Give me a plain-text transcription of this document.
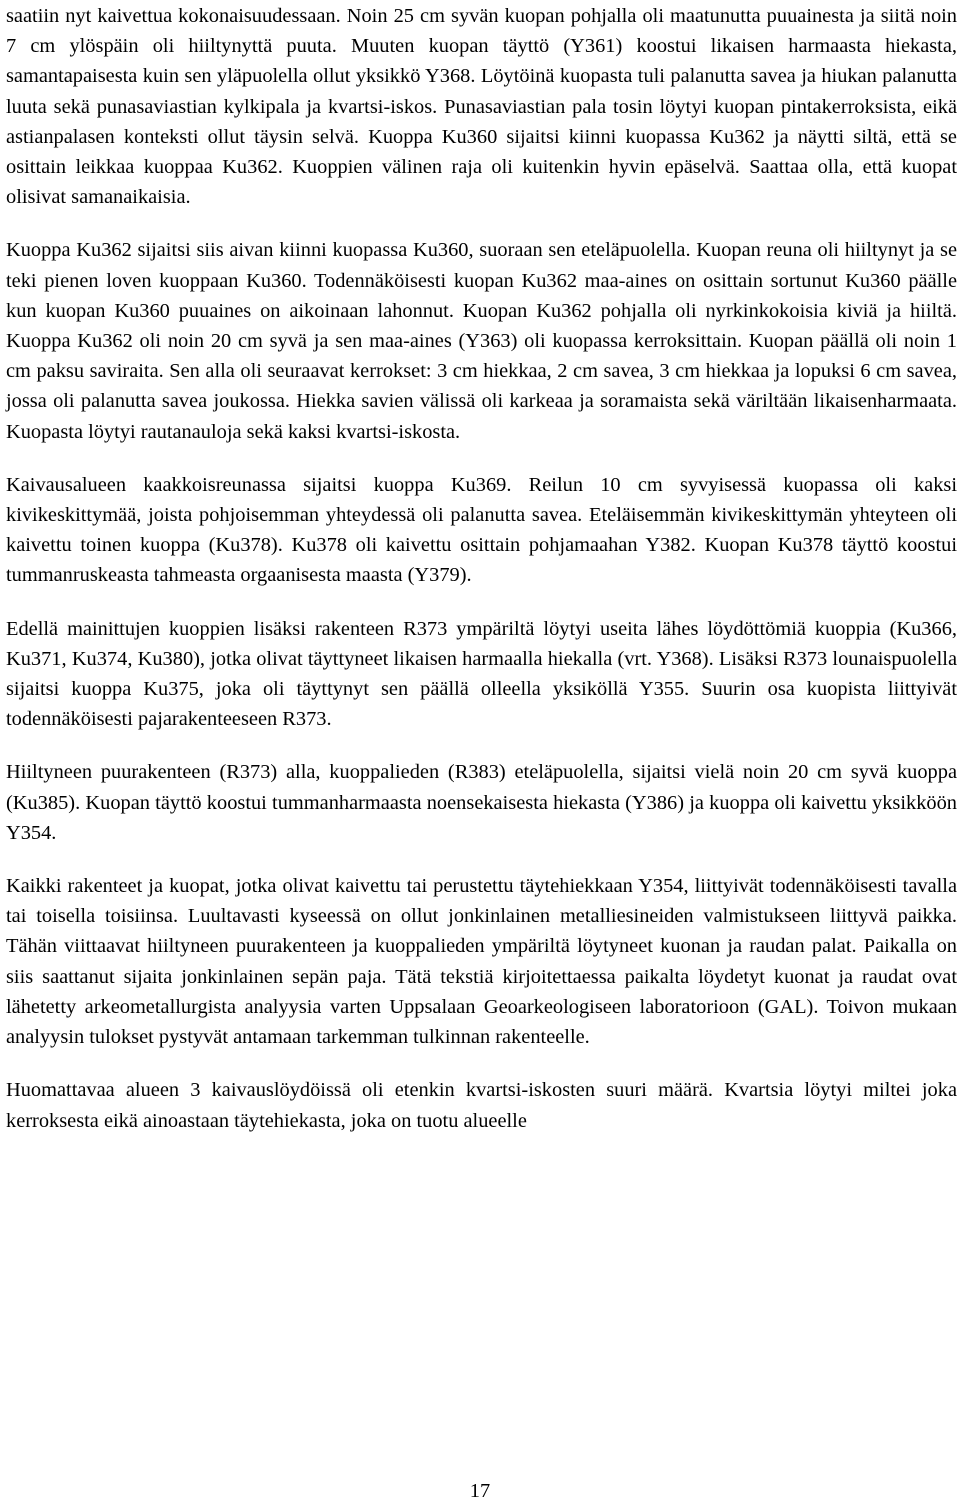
saatiin nyt kaivettua kokonaisuudessaan. Noin 25 cm syvän kuopan pohjalla oli maatunutta puuainesta ja siitä noin 7 cm ylöspäin oli hiiltynyttä puuta. Muuten kuopan täyttö (Y361) koostui likaisen harmaasta hiekasta, samantapaisesta kuin sen yläpuolella ollut yksikkö Y368. Löytöinä kuopasta tuli palanutta savea ja hiukan palanutta luuta sekä punasaviastian kylkipala ja kvartsi-iskos. Punasaviastian pala tosin löytyi kuopan pintakerroksista, eikä astianpalasen konteksti ollut täysin selvä. Kuoppa Ku360 sijaitsi kiinni kuopassa Ku362 ja näytti siltä, että se osittain leikkaa kuoppaa Ku362. Kuoppien välinen raja oli kuitenkin hyvin epäselvä. Saattaa olla, että kuopat olisivat samanaikaisia.

Kuoppa Ku362 sijaitsi siis aivan kiinni kuopassa Ku360, suoraan sen eteläpuolella. Kuopan reuna oli hiiltynyt ja se teki pienen loven kuoppaan Ku360. Todennäköisesti kuopan Ku362 maa-aines on osittain sortunut Ku360 päälle kun kuopan Ku360 puuaines on aikoinaan lahonnut. Kuopan Ku362 pohjalla oli nyrkinkokoisia kiviä ja hiiltä. Kuoppa Ku362 oli noin 20 cm syvä ja sen maa-aines (Y363) oli kuopassa kerroksittain. Kuopan päällä oli noin 1 cm paksu saviraita. Sen alla oli seuraavat kerrokset: 3 cm hiekkaa, 2 cm savea, 3 cm hiekkaa ja lopuksi 6 cm savea, jossa oli palanutta savea joukossa. Hiekka savien välissä oli karkeaa ja soramaista sekä väriltään likaisenharmaata. Kuopasta löytyi rautanauloja sekä kaksi kvartsi-iskosta.

Kaivausalueen kaakkoisreunassa sijaitsi kuoppa Ku369. Reilun 10 cm syvyisessä kuopassa oli kaksi kivikeskittymää, joista pohjoisemman yhteydessä oli palanutta savea. Eteläisemmän kivikeskittymän yhteyteen oli kaivettu toinen kuoppa (Ku378). Ku378 oli kaivettu osittain pohjamaahan Y382. Kuopan Ku378 täyttö koostui tummanruskeasta tahmeasta orgaanisesta maasta (Y379).

Edellä mainittujen kuoppien lisäksi rakenteen R373 ympäriltä löytyi useita lähes löydöttömiä kuoppia (Ku366, Ku371, Ku374, Ku380), jotka olivat täyttyneet likaisen harmaalla hiekalla (vrt. Y368). Lisäksi R373 lounaispuolella sijaitsi kuoppa Ku375, joka oli täyttynyt sen päällä olleella yksiköllä Y355. Suurin osa kuopista liittyivät todennäköisesti pajarakenteeseen R373.

Hiiltyneen puurakenteen (R373) alla, kuoppalieden (R383) eteläpuolella, sijaitsi vielä noin 20 cm syvä kuoppa (Ku385). Kuopan täyttö koostui tummanharmaasta noensekaisesta hiekasta (Y386) ja kuoppa oli kaivettu yksikköön Y354.

Kaikki rakenteet ja kuopat, jotka olivat kaivettu tai perustettu täytehiekkaan Y354, liittyivät todennäköisesti tavalla tai toisella toisiinsa. Luultavasti kyseessä on ollut jonkinlainen metalliesineiden valmistukseen liittyvä paikka. Tähän viittaavat hiiltyneen puurakenteen ja kuoppalieden ympäriltä löytyneet kuonan ja raudan palat. Paikalla on siis saattanut sijaita jonkinlainen sepän paja. Tätä tekstiä kirjoitettaessa paikalta löydetyt kuonat ja raudat ovat lähetetty arkeometallurgista analyysia varten Uppsalaan Geoarkeologiseen laboratorioon (GAL). Toivon mukaan analyysin tulokset pystyvät antamaan tarkemman tulkinnan rakenteelle.

Huomattavaa alueen 3 kaivauslöydöissä oli etenkin kvartsi-iskosten suuri määrä. Kvartsia löytyi miltei joka kerroksesta eikä ainoastaan täytehiekasta, joka on tuotu alueelle

17
